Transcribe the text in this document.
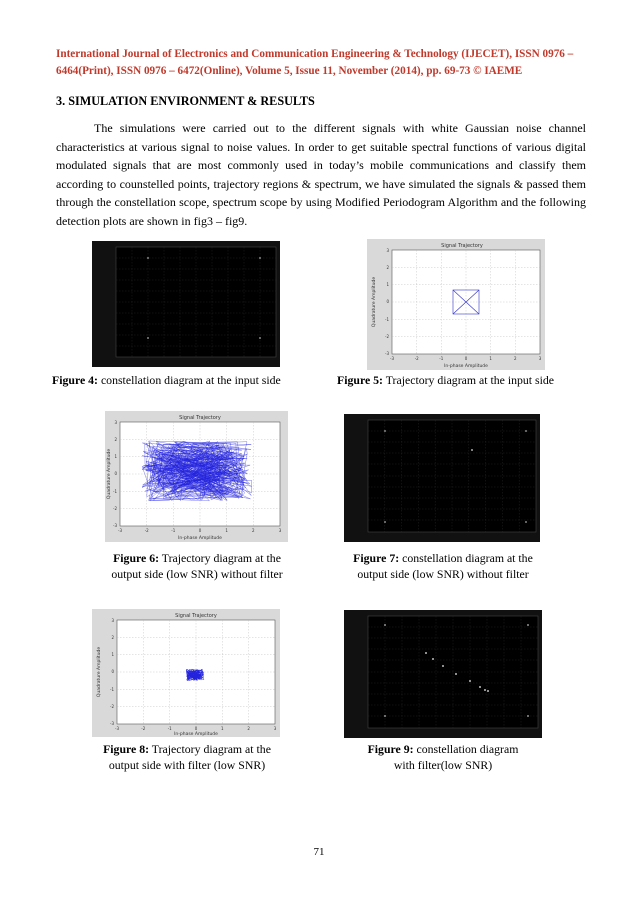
International Journal of Electronics and Communication Engineering & Technology (IJECET), ISSN 0976 –
6464(Print), ISSN 0976 – 6472(Online), Volume 5, Issue 11, November (2014), pp. 69-73 © IAEME
3. SIMULATION ENVIRONMENT & RESULTS

The simulations were carried out to the different signals with white Gaussian noise channel characteristics at various signal to noise values. In order to get suitable spectral functions of various digital modulated signals that are most commonly used in today’s mobile communications and classify them according to counstelled points, trajectory regions & spectrum, we have simulated the signals & passed them through the constellation scope, spectrum scope by using Modified Periodogram Algorithm and the following detection plots are shown in fig3 – fig9.

Signal Trajectory
-3	-2	-1	0	1	2	3
3
2
1
0
-1
-2
-3
In-phase Amplitude
Quadrature Amplitude
Figure 4: constellation diagram at the input side	Figure 5: Trajectory diagram at the input side
Signal Trajectory
-3	-2	-1	0	1	2	3
3
2
1
0
-1
-2
-3
In-phase Amplitude
Quadrature Amplitude
Figure 6: Trajectory diagram at the
output side (low SNR) without filter
Figure 7: constellation diagram at the
output side (low SNR) without filter
Signal Trajectory
-3	-2	-1	0	1	2	3
3
2
1
0
-1
-2
-3
In-phase Amplitude
Quadrature Amplitude
Figure 8: Trajectory diagram at the
output side with filter (low SNR)
Figure 9: constellation diagram
with filter(low SNR)
71
